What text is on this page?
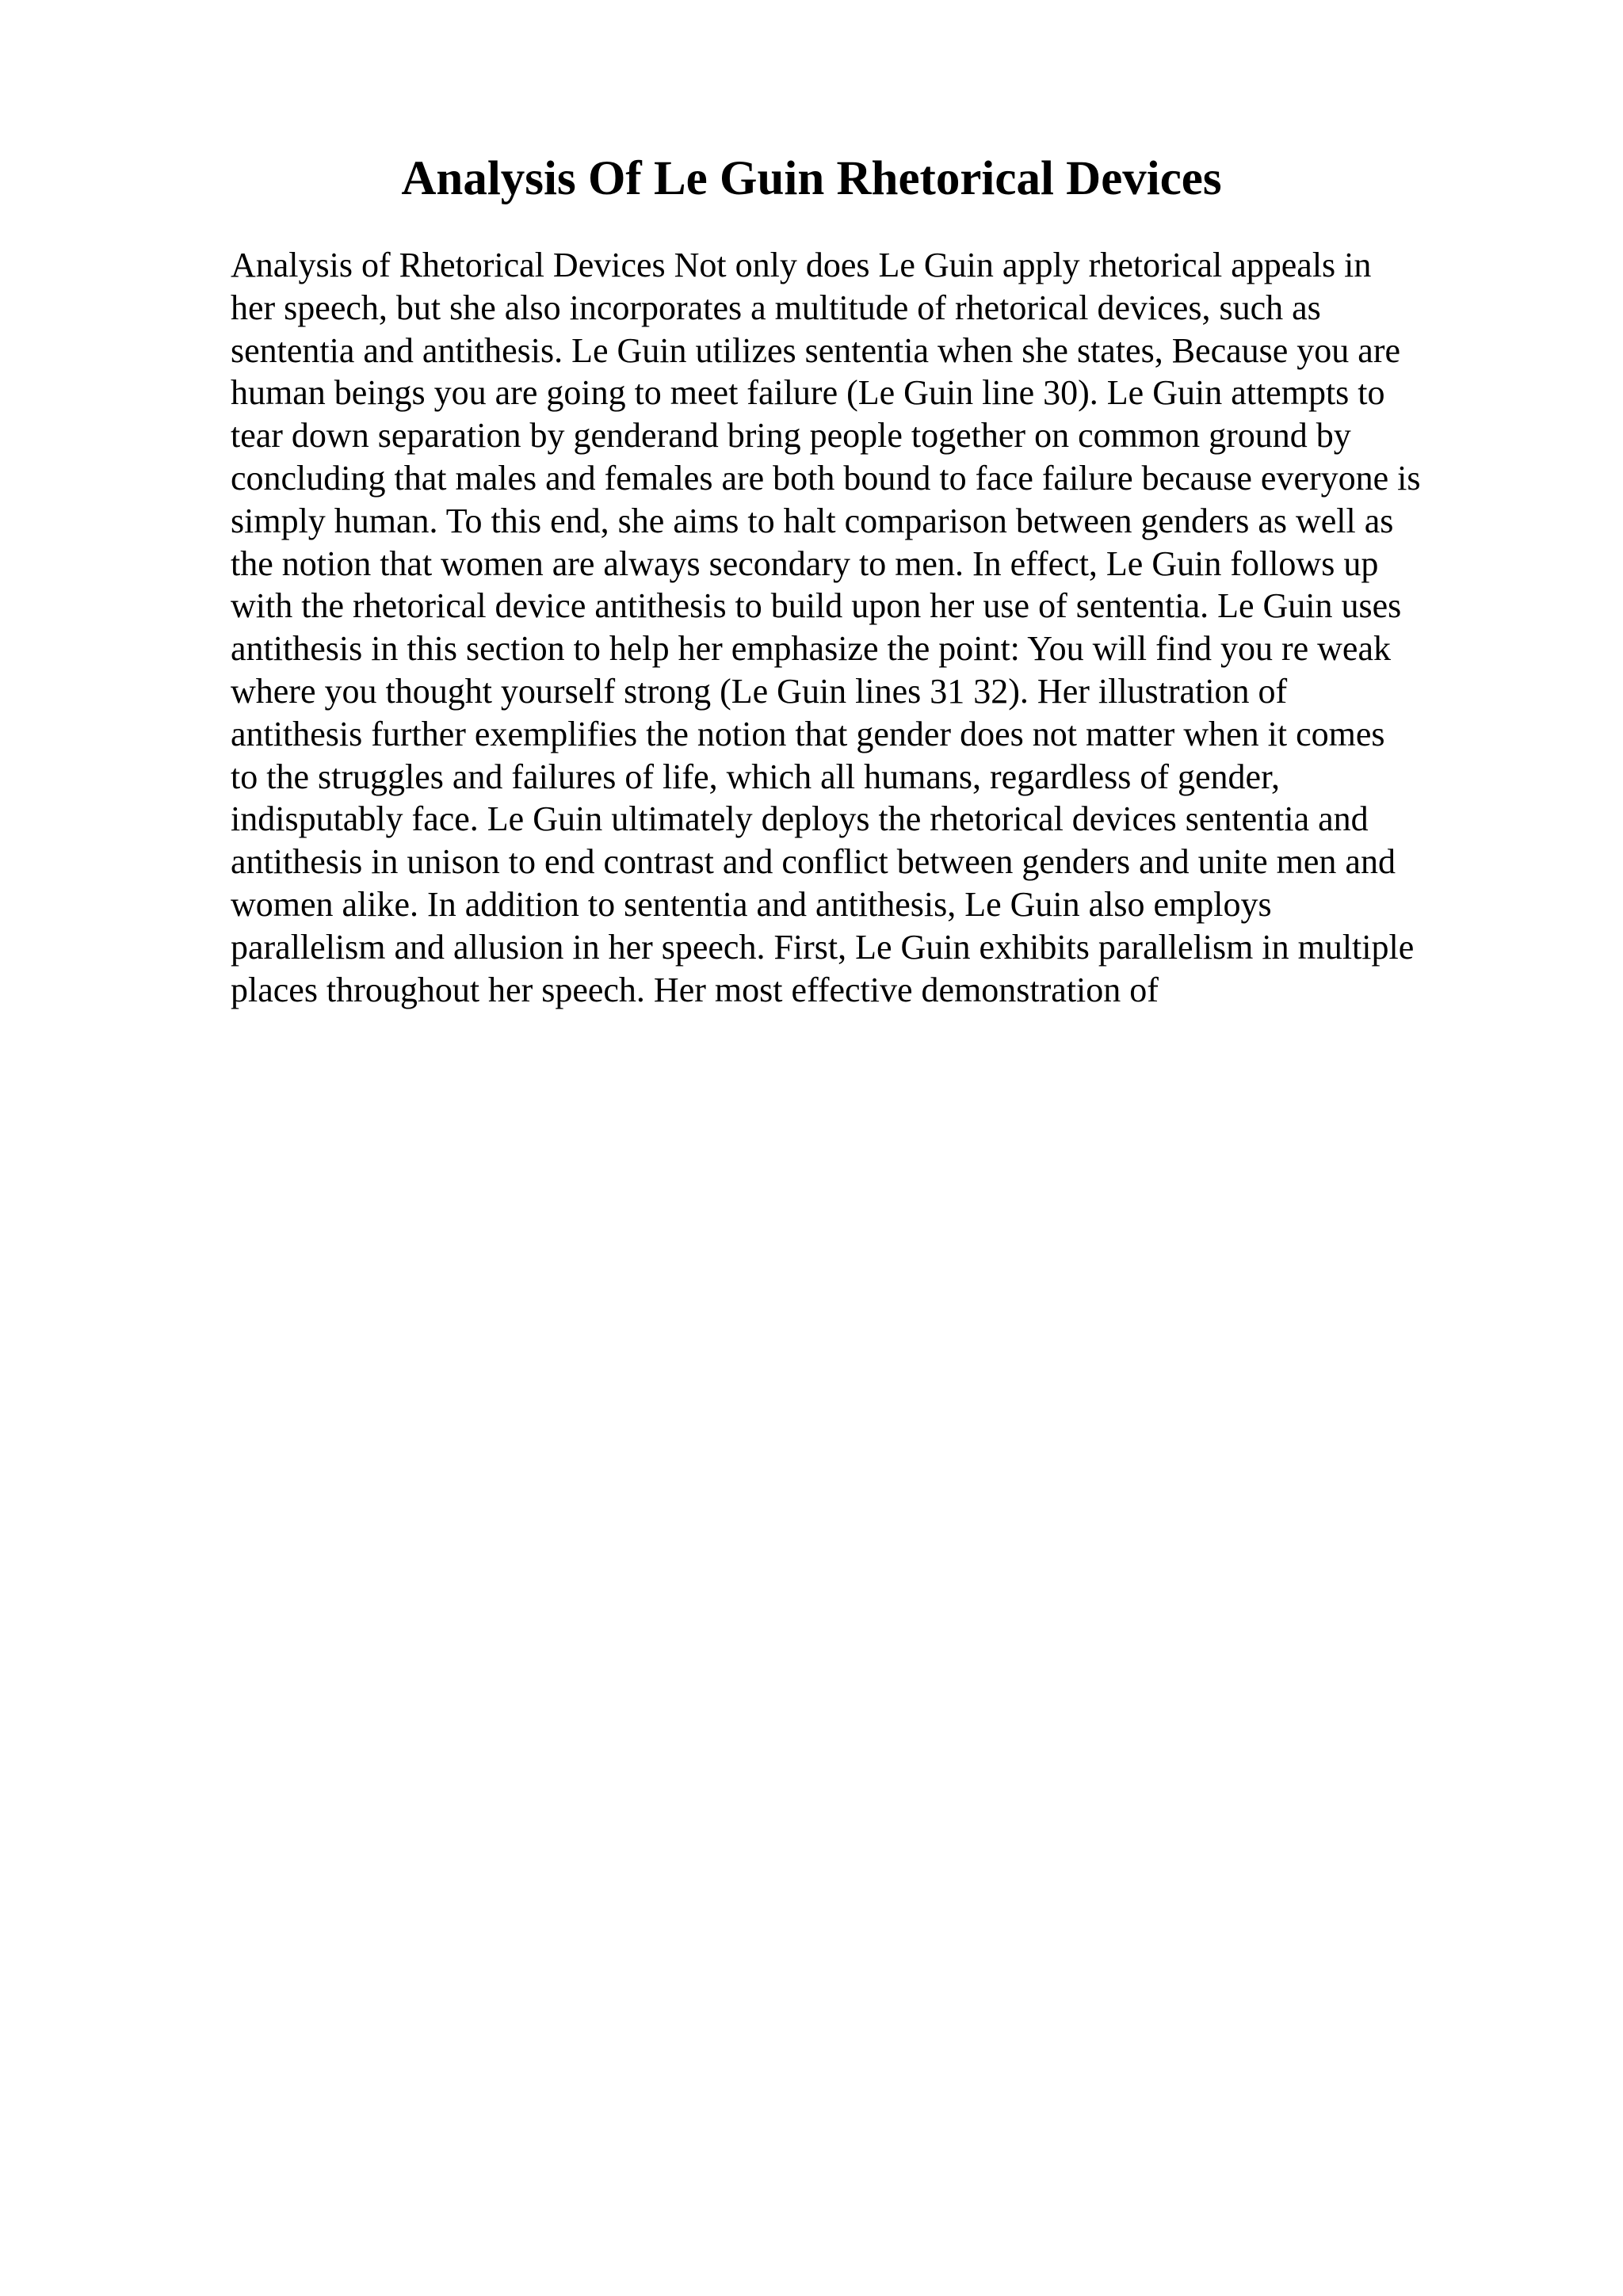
Analysis Of Le Guin Rhetorical Devices
Analysis of Rhetorical Devices Not only does Le Guin apply rhetorical appeals in
her speech, but she also incorporates a multitude of rhetorical devices, such as
sententia and antithesis. Le Guin utilizes sententia when she states, Because you are
human beings you are going to meet failure (Le Guin line 30). Le Guin attempts to
tear down separation by genderand bring people together on common ground by
concluding that males and females are both bound to face failure because everyone is
simply human. To this end, she aims to halt comparison between genders as well as
the notion that women are always secondary to men. In effect, Le Guin follows up
with the rhetorical device antithesis to build upon her use of sententia. Le Guin uses
antithesis in this section to help her emphasize the point: You will find you re weak
where you thought yourself strong (Le Guin lines 31 32). Her illustration of
antithesis further exemplifies the notion that gender does not matter when it comes
to the struggles and failures of life, which all humans, regardless of gender,
indisputably face. Le Guin ultimately deploys the rhetorical devices sententia and
antithesis in unison to end contrast and conflict between genders and unite men and
women alike. In addition to sententia and antithesis, Le Guin also employs
parallelism and allusion in her speech. First, Le Guin exhibits parallelism in multiple
places throughout her speech. Her most effective demonstration of
